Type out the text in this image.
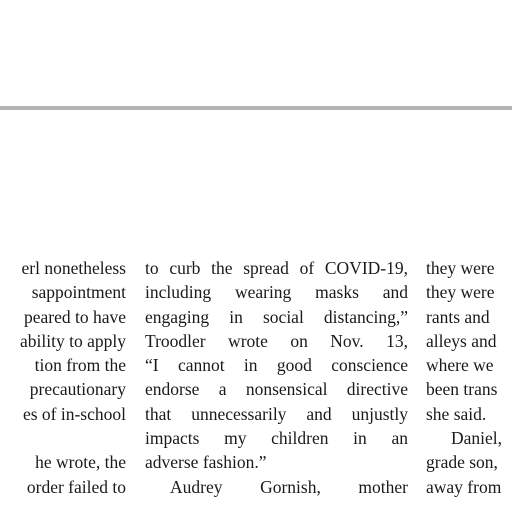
erl nonetheless
sappointment
peared to have
ability to apply
tion from the
precautionary
es of in-school
he wrote, the
order failed to
to curb the spread of COVID-19,
including wearing masks and
engaging in social distancing,”
Troodler wrote on Nov. 13,
“I cannot in good conscience
endorse a nonsensical directive
that unnecessarily and unjustly
impacts my children in an
adverse fashion.”
Audrey Gornish, mother
they were
they were
rants and
alleys and
where we
been trans
she said.
Daniel,
grade son,
away from
